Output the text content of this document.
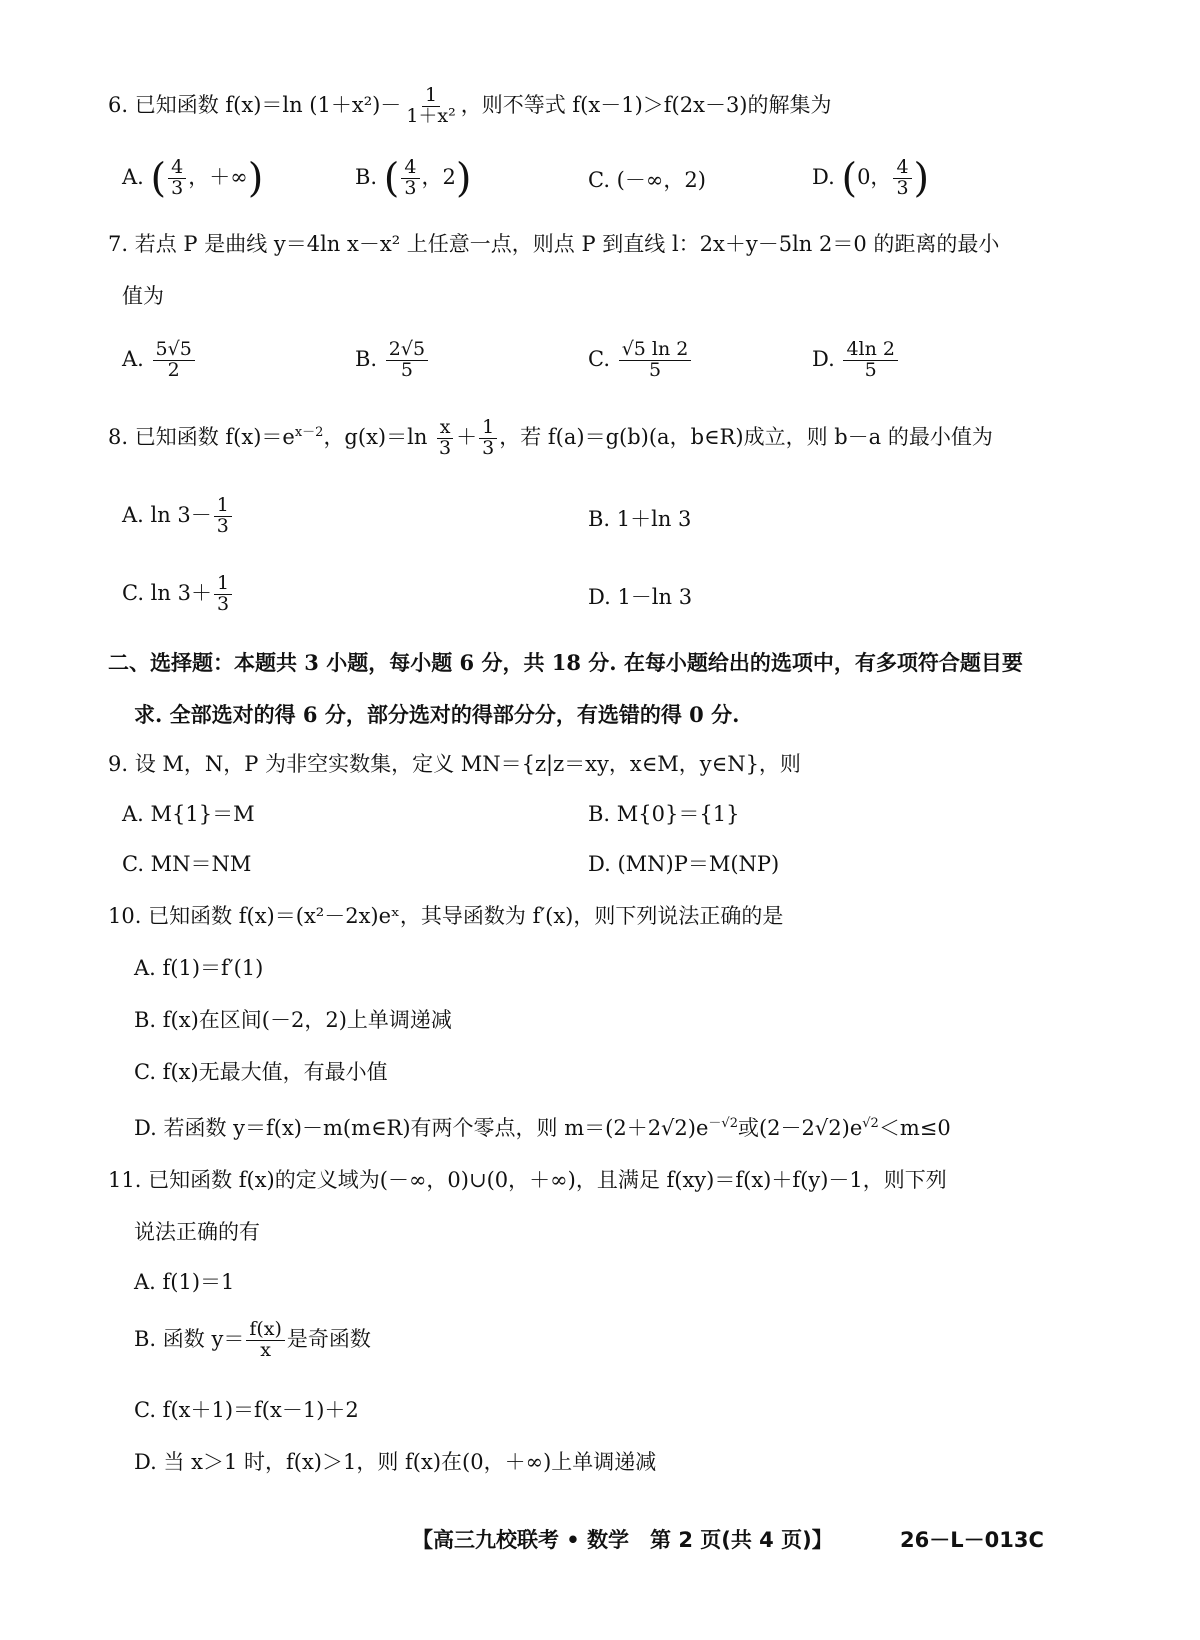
6. 已知函数 f(x)＝ln $(1+x^2)- \frac{1}{\text{1＋x²}}$ ，则不等式 f(x－1)＞f(2x－3)的解集为
A. ( $\frac{4}{3}$ ，＋∞)	B. ( $\frac{4}{3}$ ，2)	C. (－∞，2)	D. (0， $\frac{4}{3}$ )
7. 若点 P 是曲线 y＝4ln x－x² 上任意一点，则点 P 到直线 l：2x＋y－5ln 2＝0 的距离的最小
值为
A. $\frac{5√5}{2}$	B. $\frac{2√5}{5}$	C. $\frac{√5 \ln 2}{5}$	D. $\frac{4\ln 2}{5}$
8. 已知函数 $f(x)=e^{x-2}$，$g(x)=\ln \frac{x}{3} + \frac{1}{3}$ ，若 f(a)＝g(b)(a，b∈R)成立，则 b－a 的最小值为
A. $\ln 3- \frac{1}{3}$	B. 1＋ln 3
C. $\ln 3+ \frac{1}{3}$	D. 1－ln 3
二、选择题：本题共 3 小题，每小题 6 分，共 18 分. 在每小题给出的选项中，有多项符合题目要
求. 全部选对的得 6 分，部分选对的得部分分，有选错的得 0 分.
9. 设 M，N，P 为非空实数集，定义 MN＝{z|z＝xy，x∈M，y∈N}，则
A. M{1}＝M	B. M{0}＝{1}
C. MN＝NM	D. (MN)P＝M(NP)
10. 已知函数 f(x)＝(x²－2x)eˣ，其导函数为 f′(x)，则下列说法正确的是
A. f(1)＝f′(1)
B. f(x)在区间(－2，2)上单调递减
C. f(x)无最大值，有最小值
D. 若函数 y＝f(x)－m(m∈R)有两个零点，则 $m=(2+2√2)e^{-√2}$或$(2-2√2)e^{√2}<m\le 0$
11. 已知函数 f(x)的定义域为(－∞，0)∪(0，＋∞)，且满足 f(xy)＝f(x)＋f(y)－1，则下列
说法正确的有
A. f(1)＝1
B. 函数 $y= \frac{f(x)}{x}$ 是奇函数
C. f(x＋1)＝f(x－1)＋2
D. 当 x＞1 时，f(x)＞1，则 f(x)在(0，＋∞)上单调递减
【高三九校联考 • 数学　第 2 页(共 4 页)】	26－L－013C
